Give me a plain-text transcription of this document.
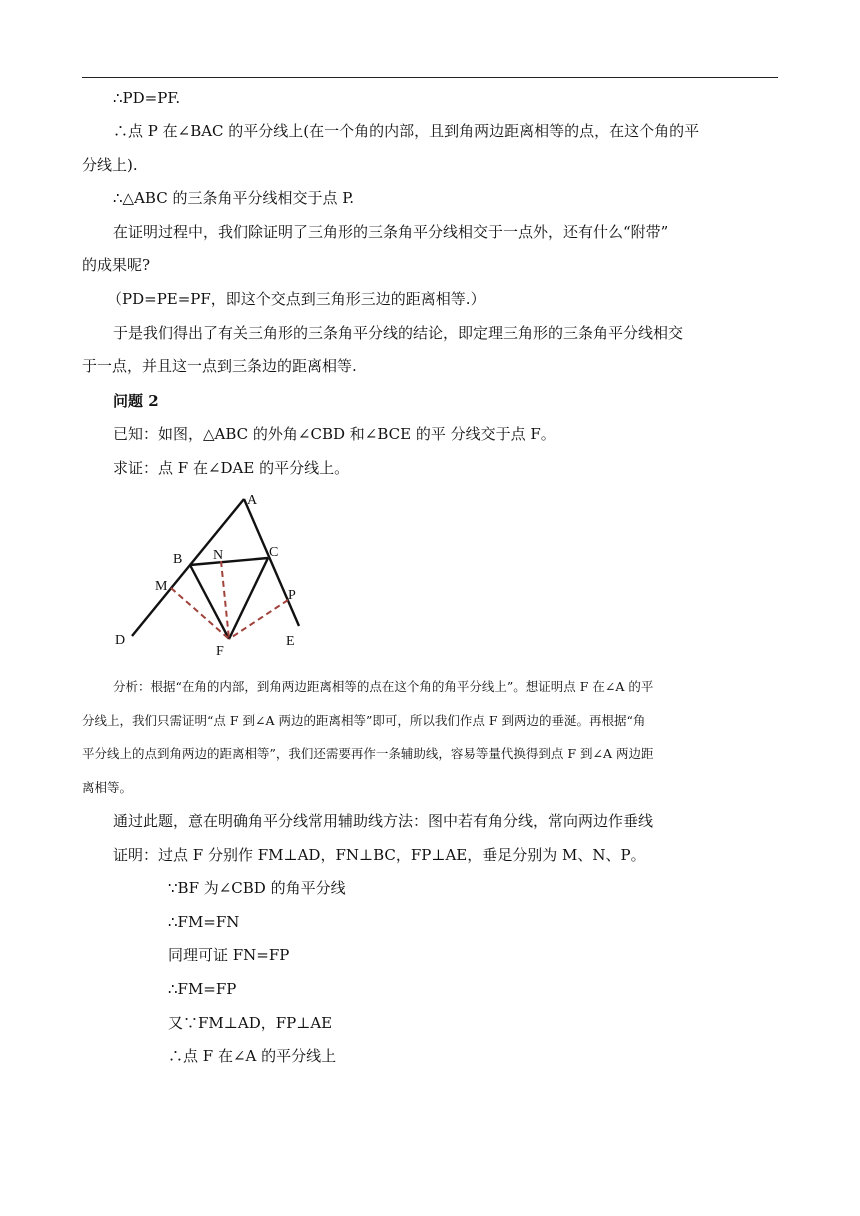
∴PD=PF.
∴点 P 在∠BAC 的平分线上(在一个角的内部，且到角两边距离相等的点，在这个角的平
分线上).
∴△ABC 的三条角平分线相交于点 P.
在证明过程中，我们除证明了三角形的三条角平分线相交于一点外，还有什么“附带”
的成果呢?
（PD=PE=PF，即这个交点到三角形三边的距离相等.）
于是我们得出了有关三角形的三条角平分线的结论，即定理三角形的三条角平分线相交
于一点，并且这一点到三条边的距离相等.
问题 2
已知：如图，△ABC 的外角∠CBD 和∠BCE 的平 分线交于点 F。
求证：点 F 在∠DAE 的平分线上。
A
B N	C
M
P
D	E
F
分析：根据“在角的内部，到角两边距离相等的点在这个角的角平分线上”。想证明点 F 在∠A 的平
分线上，我们只需证明“点 F 到∠A 两边的距离相等”即可，所以我们作点 F 到两边的垂涎。再根据“角
平分线上的点到角两边的距离相等”，我们还需要再作一条辅助线，容易等量代换得到点 F 到∠A 两边距
离相等。
通过此题，意在明确角平分线常用辅助线方法：图中若有角分线，常向两边作垂线
证明：过点 F 分别作 FM⊥AD，FN⊥BC，FP⊥AE，垂足分别为 M、N、P。
∵BF 为∠CBD 的角平分线
∴FM=FN
同理可证 FN=FP
∴FM=FP
又∵FM⊥AD，FP⊥AE
∴点 F 在∠A 的平分线上
